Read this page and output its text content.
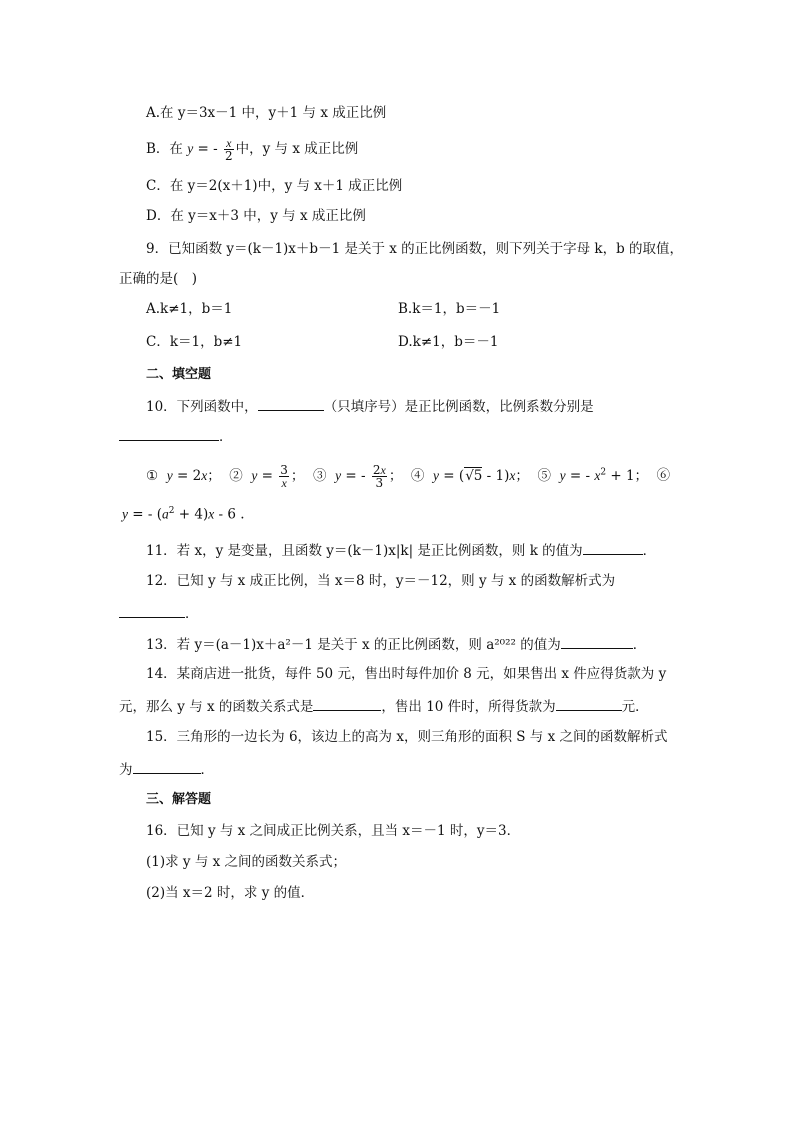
A.在 y＝3x－1 中，y＋1 与 x 成正比例
B．在 y = - $\frac{x}{2}$ 中，y 与 x 成正比例
C．在 y＝2(x＋1)中，y 与 x＋1 成正比例
D．在 y＝x＋3 中，y 与 x 成正比例
9．已知函数 y＝(k－1)x＋b－1 是关于 x 的正比例函数，则下列关于字母 k，b 的取值，
正确的是(　)
A.k≠1，b＝1	B.k＝1，b＝－1
C．k＝1，b≠1	D.k≠1，b＝－1
二、填空题
10．下列函数中，	（只填序号）是正比例函数，比例系数分别是
．
① y = 2x； ② $y = \frac{3}{x}$ ； ③ y = - $\frac{2x}{3}$ ； ④ y = (√5 - 1)x； ⑤ y = - $x^2 + 1$； ⑥
y = - $(a^2 + 4)x - 6$ .
11．若 x，y 是变量，且函数 y＝(k－1)x|k| 是正比例函数，则 k 的值为	．
12．已知 y 与 x 成正比例，当 x＝8 时，y＝－12，则 y 与 x 的函数解析式为
．
13．若 y＝(a－1)x＋a²－1 是关于 x 的正比例函数，则 a²⁰²² 的值为	．
14．某商店进一批货，每件 50 元，售出时每件加价 8 元，如果售出 x 件应得货款为 y
元，那么 y 与 x 的函数关系式是	，售出 10 件时，所得货款为	元．
15．三角形的一边长为 6，该边上的高为 x，则三角形的面积 S 与 x 之间的函数解析式
为	．
三、解答题
16．已知 y 与 x 之间成正比例关系，且当 x＝－1 时，y＝3．
(1)求 y 与 x 之间的函数关系式；
(2)当 x＝2 时，求 y 的值．
